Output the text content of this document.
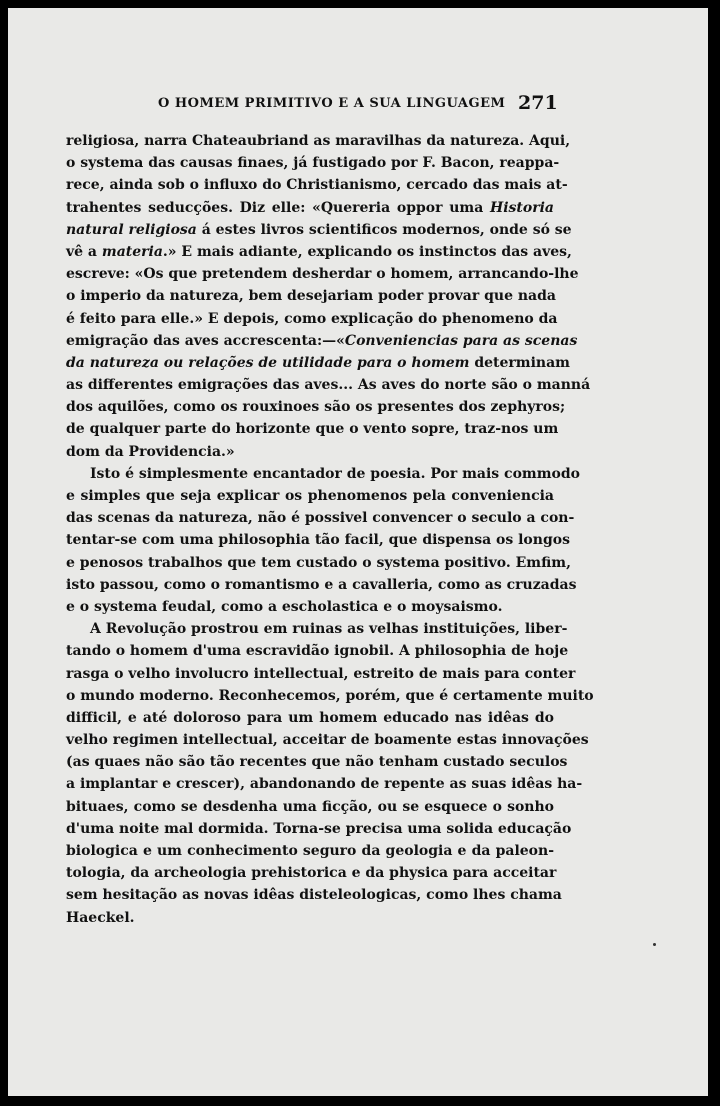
O HOMEM PRIMITIVO E A SUA LINGUAGEM 271
religiosa, narra Chateaubriand as maravilhas da natureza. Aqui,
o systema das causas finaes, já fustigado por F. Bacon, reappa-
rece, ainda sob o influxo do Christianismo, cercado das mais at-
trahentes seducções. Diz elle: «Quereria oppor uma Historia
natural religiosa á estes livros scientificos modernos, onde só se
vê a materia.» E mais adiante, explicando os instinctos das aves,
escreve: «Os que pretendem desherdar o homem, arrancando-lhe
o imperio da natureza, bem desejariam poder provar que nada
é feito para elle.» E depois, como explicação do phenomeno da
emigração das aves accrescenta:—«Conveniencias para as scenas
da natureza ou relações de utilidade para o homem determinam
as differentes emigrações das aves... As aves do norte são o manná
dos aquilões, como os rouxinoes são os presentes dos zephyros;
de qualquer parte do horizonte que o vento sopre, traz-nos um
dom da Providencia.»
Isto é simplesmente encantador de poesia. Por mais commodo
e simples que seja explicar os phenomenos pela conveniencia
das scenas da natureza, não é possivel convencer o seculo a con-
tentar-se com uma philosophia tão facil, que dispensa os longos
e penosos trabalhos que tem custado o systema positivo. Emfim,
isto passou, como o romantismo e a cavalleria, como as cruzadas
e o systema feudal, como a escholastica e o moysaismo.
A Revolução prostrou em ruinas as velhas instituições, liber-
tando o homem d'uma escravidão ignobil. A philosophia de hoje
rasga o velho involucro intellectual, estreito de mais para conter
o mundo moderno. Reconhecemos, porém, que é certamente muito
difficil, e até doloroso para um homem educado nas idêas do
velho regimen intellectual, acceitar de boamente estas innovações
(as quaes não são tão recentes que não tenham custado seculos
a implantar e crescer), abandonando de repente as suas idêas ha-
bituaes, como se desdenha uma ficção, ou se esquece o sonho
d'uma noite mal dormida. Torna-se precisa uma solida educação
biologica e um conhecimento seguro da geologia e da paleon-
tologia, da archeologia prehistorica e da physica para acceitar
sem hesitação as novas idêas disteleologicas, como lhes chama
Haeckel.
